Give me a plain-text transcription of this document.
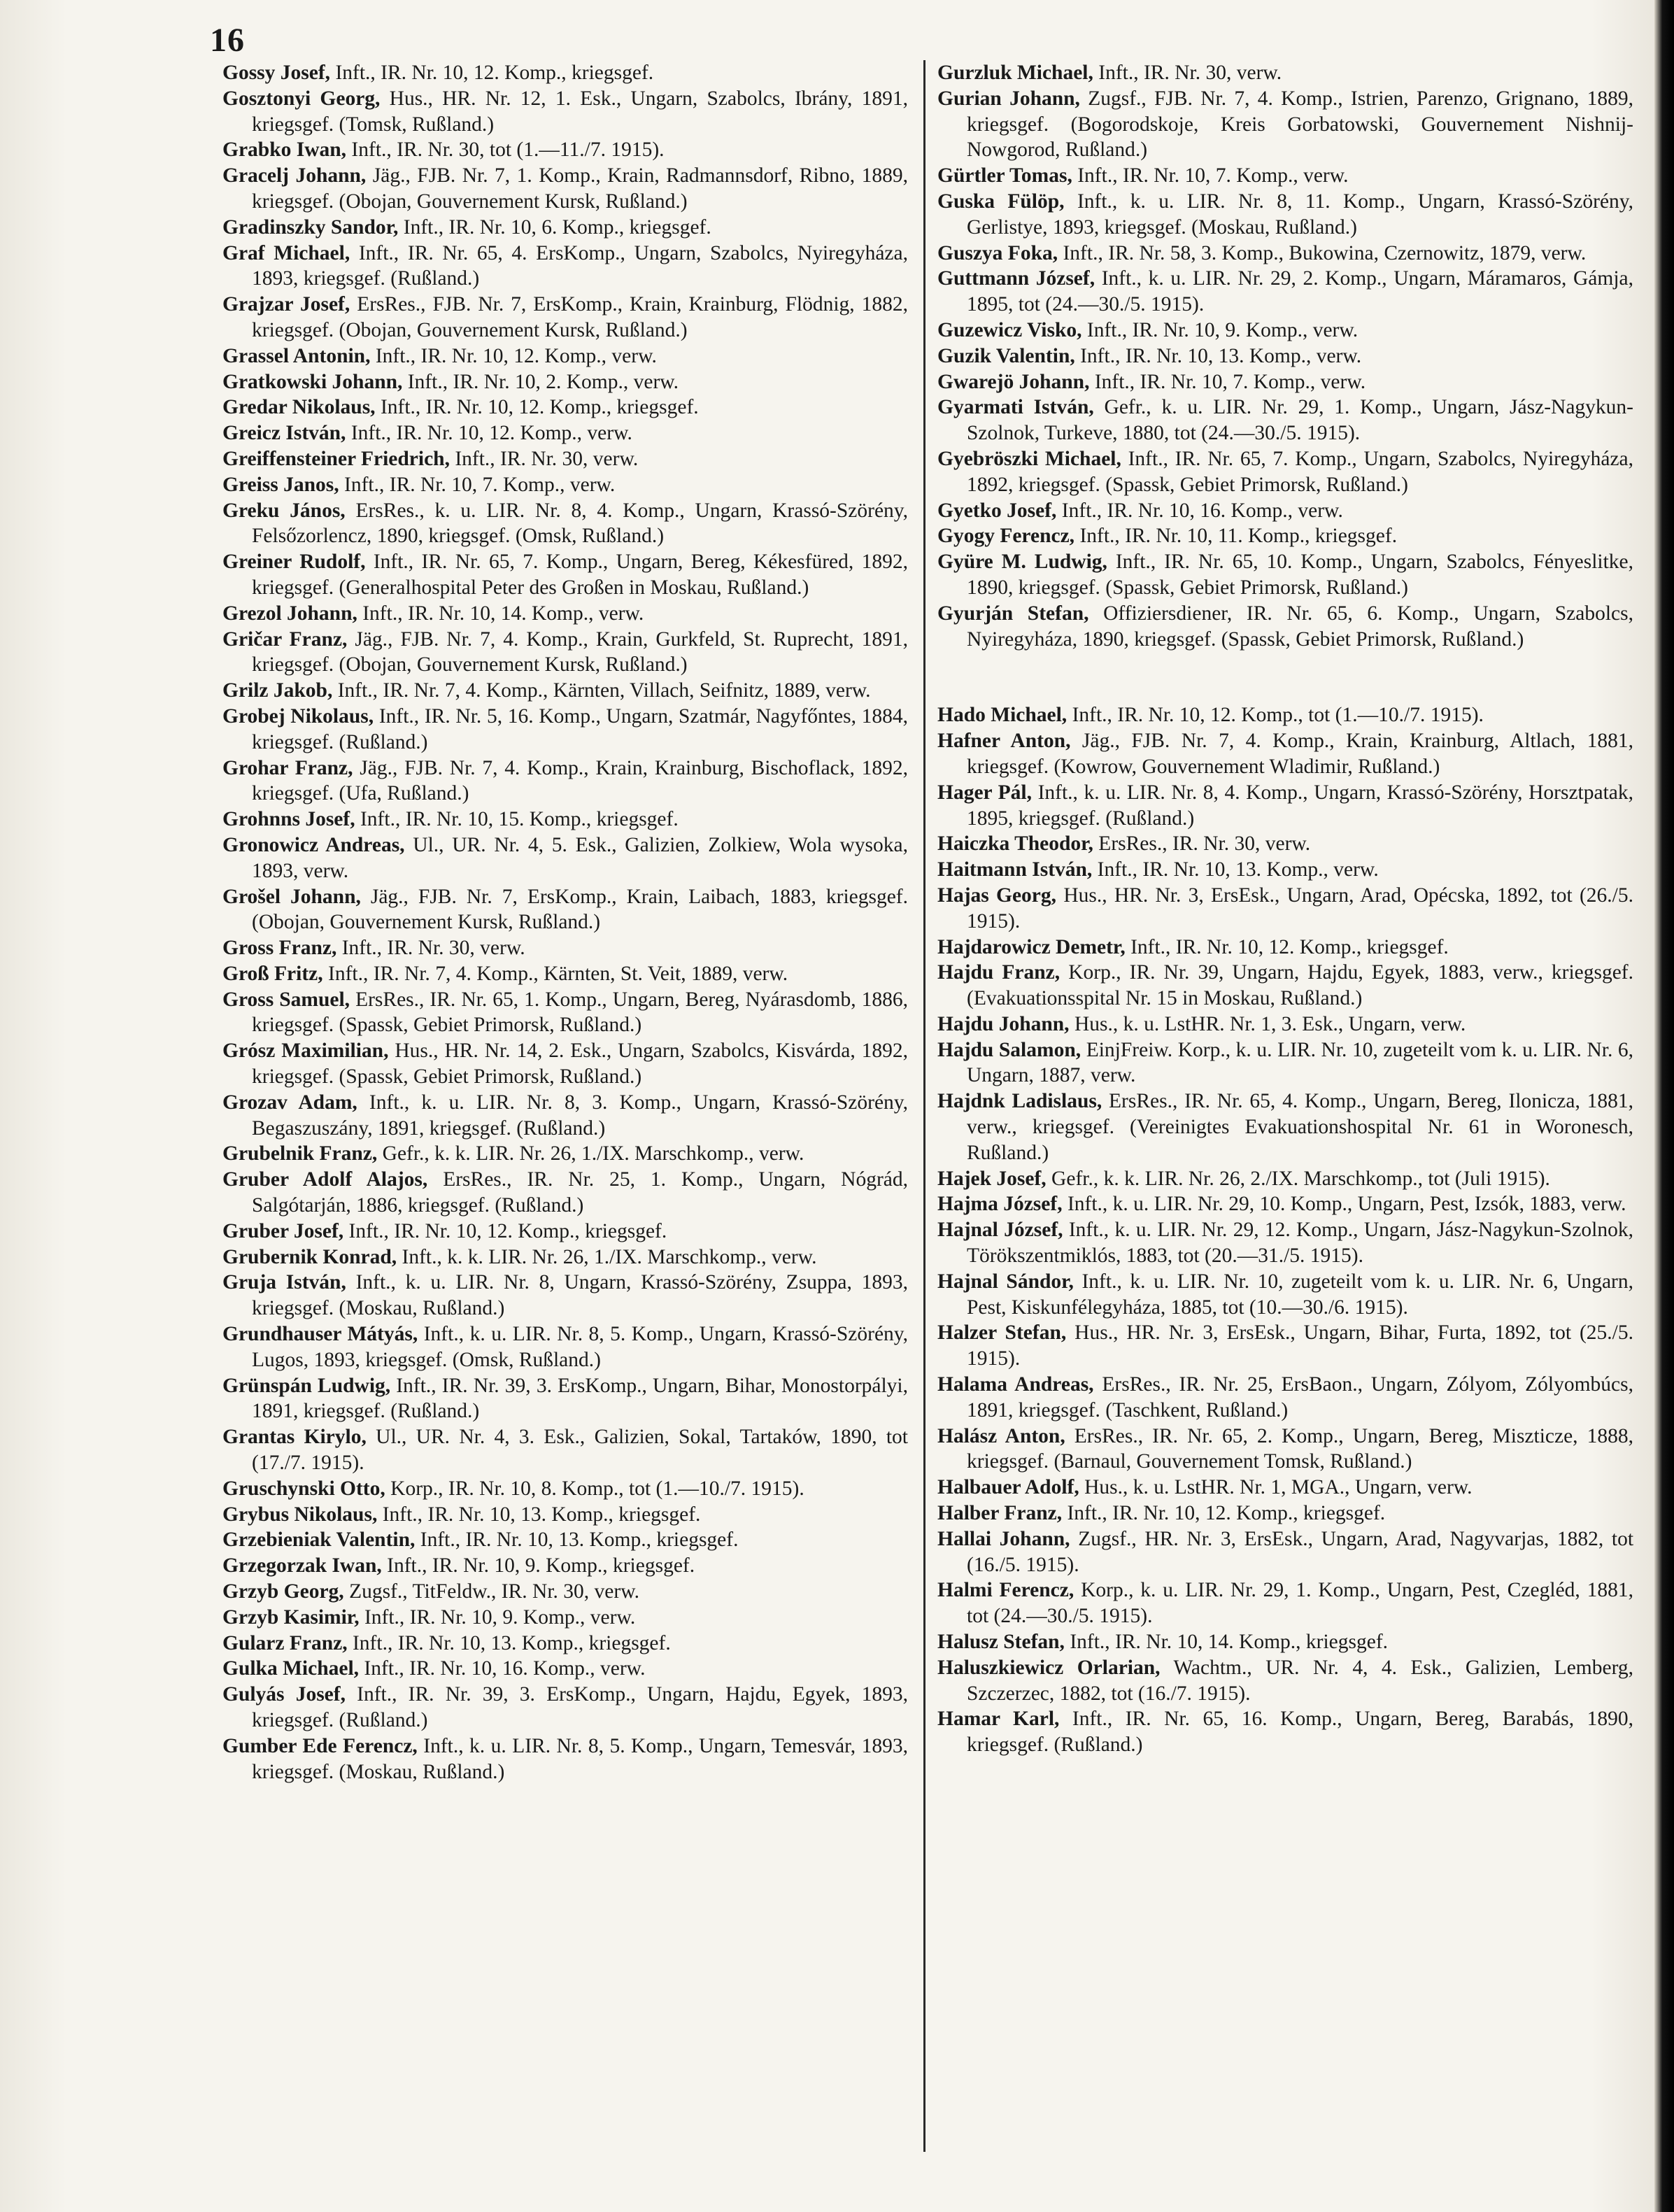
16

Gossy Josef, Inft., IR. Nr. 10, 12. Komp., kriegsgef.

Gosztonyi Georg, Hus., HR. Nr. 12, 1. Esk., Ungarn, Szabolcs, Ibrány, 1891, kriegsgef. (Tomsk, Rußland.)

Grabko Iwan, Inft., IR. Nr. 30, tot (1.—11./7. 1915).

Gracelj Johann, Jäg., FJB. Nr. 7, 1. Komp., Krain, Radmannsdorf, Ribno, 1889, kriegsgef. (Obojan, Gouvernement Kursk, Rußland.)

Gradinszky Sandor, Inft., IR. Nr. 10, 6. Komp., kriegsgef.

Graf Michael, Inft., IR. Nr. 65, 4. ErsKomp., Ungarn, Szabolcs, Nyiregyháza, 1893, kriegsgef. (Rußland.)

Grajzar Josef, ErsRes., FJB. Nr. 7, ErsKomp., Krain, Krainburg, Flödnig, 1882, kriegsgef. (Obojan, Gouvernement Kursk, Rußland.)

Grassel Antonin, Inft., IR. Nr. 10, 12. Komp., verw.

Gratkowski Johann, Inft., IR. Nr. 10, 2. Komp., verw.

Gredar Nikolaus, Inft., IR. Nr. 10, 12. Komp., kriegsgef.

Greicz István, Inft., IR. Nr. 10, 12. Komp., verw.

Greiffensteiner Friedrich, Inft., IR. Nr. 30, verw.

Greiss Janos, Inft., IR. Nr. 10, 7. Komp., verw.

Greku János, ErsRes., k. u. LIR. Nr. 8, 4. Komp., Ungarn, Krassó-Szörény, Felsőzorlencz, 1890, kriegsgef. (Omsk, Rußland.)

Greiner Rudolf, Inft., IR. Nr. 65, 7. Komp., Ungarn, Bereg, Kékesfüred, 1892, kriegsgef. (Generalhospital Peter des Großen in Moskau, Rußland.)

Grezol Johann, Inft., IR. Nr. 10, 14. Komp., verw.

Gričar Franz, Jäg., FJB. Nr. 7, 4. Komp., Krain, Gurkfeld, St. Ruprecht, 1891, kriegsgef. (Obojan, Gouvernement Kursk, Rußland.)

Grilz Jakob, Inft., IR. Nr. 7, 4. Komp., Kärnten, Villach, Seifnitz, 1889, verw.

Grobej Nikolaus, Inft., IR. Nr. 5, 16. Komp., Ungarn, Szatmár, Nagyfőntes, 1884, kriegsgef. (Rußland.)

Grohar Franz, Jäg., FJB. Nr. 7, 4. Komp., Krain, Krainburg, Bischoflack, 1892, kriegsgef. (Ufa, Rußland.)

Grohnns Josef, Inft., IR. Nr. 10, 15. Komp., kriegsgef.

Gronowicz Andreas, Ul., UR. Nr. 4, 5. Esk., Galizien, Zolkiew, Wola wysoka, 1893, verw.

Grošel Johann, Jäg., FJB. Nr. 7, ErsKomp., Krain, Laibach, 1883, kriegsgef. (Obojan, Gouvernement Kursk, Rußland.)

Gross Franz, Inft., IR. Nr. 30, verw.

Groß Fritz, Inft., IR. Nr. 7, 4. Komp., Kärnten, St. Veit, 1889, verw.

Gross Samuel, ErsRes., IR. Nr. 65, 1. Komp., Ungarn, Bereg, Nyárasdomb, 1886, kriegsgef. (Spassk, Gebiet Primorsk, Rußland.)

Grósz Maximilian, Hus., HR. Nr. 14, 2. Esk., Ungarn, Szabolcs, Kisvárda, 1892, kriegsgef. (Spassk, Gebiet Primorsk, Rußland.)

Grozav Adam, Inft., k. u. LIR. Nr. 8, 3. Komp., Ungarn, Krassó-Szörény, Begaszuszány, 1891, kriegsgef. (Rußland.)

Grubelnik Franz, Gefr., k. k. LIR. Nr. 26, 1./IX. Marschkomp., verw.

Gruber Adolf Alajos, ErsRes., IR. Nr. 25, 1. Komp., Ungarn, Nógrád, Salgótarján, 1886, kriegsgef. (Rußland.)

Gruber Josef, Inft., IR. Nr. 10, 12. Komp., kriegsgef.

Grubernik Konrad, Inft., k. k. LIR. Nr. 26, 1./IX. Marschkomp., verw.

Gruja István, Inft., k. u. LIR. Nr. 8, Ungarn, Krassó-Szörény, Zsuppa, 1893, kriegsgef. (Moskau, Rußland.)

Grundhauser Mátyás, Inft., k. u. LIR. Nr. 8, 5. Komp., Ungarn, Krassó-Szörény, Lugos, 1893, kriegsgef. (Omsk, Rußland.)

Grünspán Ludwig, Inft., IR. Nr. 39, 3. ErsKomp., Ungarn, Bihar, Monostorpályi, 1891, kriegsgef. (Rußland.)

Grantas Kirylo, Ul., UR. Nr. 4, 3. Esk., Galizien, Sokal, Tartaków, 1890, tot (17./7. 1915).

Gruschynski Otto, Korp., IR. Nr. 10, 8. Komp., tot (1.—10./7. 1915).

Grybus Nikolaus, Inft., IR. Nr. 10, 13. Komp., kriegsgef.

Grzebieniak Valentin, Inft., IR. Nr. 10, 13. Komp., kriegsgef.

Grzegorzak Iwan, Inft., IR. Nr. 10, 9. Komp., kriegsgef.

Grzyb Georg, Zugsf., TitFeldw., IR. Nr. 30, verw.

Grzyb Kasimir, Inft., IR. Nr. 10, 9. Komp., verw.

Gularz Franz, Inft., IR. Nr. 10, 13. Komp., kriegsgef.

Gulka Michael, Inft., IR. Nr. 10, 16. Komp., verw.

Gulyás Josef, Inft., IR. Nr. 39, 3. ErsKomp., Ungarn, Hajdu, Egyek, 1893, kriegsgef. (Rußland.)

Gumber Ede Ferencz, Inft., k. u. LIR. Nr. 8, 5. Komp., Ungarn, Temesvár, 1893, kriegsgef. (Moskau, Rußland.)

Gurzluk Michael, Inft., IR. Nr. 30, verw.

Gurian Johann, Zugsf., FJB. Nr. 7, 4. Komp., Istrien, Parenzo, Grignano, 1889, kriegsgef. (Bogorodskoje, Kreis Gorbatowski, Gouvernement Nishnij-Nowgorod, Rußland.)

Gürtler Tomas, Inft., IR. Nr. 10, 7. Komp., verw.

Guska Fülöp, Inft., k. u. LIR. Nr. 8, 11. Komp., Ungarn, Krassó-Szörény, Gerlistye, 1893, kriegsgef. (Moskau, Rußland.)

Guszya Foka, Inft., IR. Nr. 58, 3. Komp., Bukowina, Czernowitz, 1879, verw.

Guttmann József, Inft., k. u. LIR. Nr. 29, 2. Komp., Ungarn, Máramaros, Gámja, 1895, tot (24.—30./5. 1915).

Guzewicz Visko, Inft., IR. Nr. 10, 9. Komp., verw.

Guzik Valentin, Inft., IR. Nr. 10, 13. Komp., verw.

Gwarejö Johann, Inft., IR. Nr. 10, 7. Komp., verw.

Gyarmati István, Gefr., k. u. LIR. Nr. 29, 1. Komp., Ungarn, Jász-Nagykun-Szolnok, Turkeve, 1880, tot (24.—30./5. 1915).

Gyebröszki Michael, Inft., IR. Nr. 65, 7. Komp., Ungarn, Szabolcs, Nyiregyháza, 1892, kriegsgef. (Spassk, Gebiet Primorsk, Rußland.)

Gyetko Josef, Inft., IR. Nr. 10, 16. Komp., verw.

Gyogy Ferencz, Inft., IR. Nr. 10, 11. Komp., kriegsgef.

Gyüre M. Ludwig, Inft., IR. Nr. 65, 10. Komp., Ungarn, Szabolcs, Fényeslitke, 1890, kriegsgef. (Spassk, Gebiet Primorsk, Rußland.)

Gyurján Stefan, Offiziersdiener, IR. Nr. 65, 6. Komp., Ungarn, Szabolcs, Nyiregyháza, 1890, kriegsgef. (Spassk, Gebiet Primorsk, Rußland.)

Hado Michael, Inft., IR. Nr. 10, 12. Komp., tot (1.—10./7. 1915).

Hafner Anton, Jäg., FJB. Nr. 7, 4. Komp., Krain, Krainburg, Altlach, 1881, kriegsgef. (Kowrow, Gouvernement Wladimir, Rußland.)

Hager Pál, Inft., k. u. LIR. Nr. 8, 4. Komp., Ungarn, Krassó-Szörény, Horsztpatak, 1895, kriegsgef. (Rußland.)

Haiczka Theodor, ErsRes., IR. Nr. 30, verw.

Haitmann István, Inft., IR. Nr. 10, 13. Komp., verw.

Hajas Georg, Hus., HR. Nr. 3, ErsEsk., Ungarn, Arad, Opécska, 1892, tot (26./5. 1915).

Hajdarowicz Demetr, Inft., IR. Nr. 10, 12. Komp., kriegsgef.

Hajdu Franz, Korp., IR. Nr. 39, Ungarn, Hajdu, Egyek, 1883, verw., kriegsgef. (Evakuationsspital Nr. 15 in Moskau, Rußland.)

Hajdu Johann, Hus., k. u. LstHR. Nr. 1, 3. Esk., Ungarn, verw.

Hajdu Salamon, EinjFreiw. Korp., k. u. LIR. Nr. 10, zugeteilt vom k. u. LIR. Nr. 6, Ungarn, 1887, verw.

Hajdnk Ladislaus, ErsRes., IR. Nr. 65, 4. Komp., Ungarn, Bereg, Ilonicza, 1881, verw., kriegsgef. (Vereinigtes Evakuationshospital Nr. 61 in Woronesch, Rußland.)

Hajek Josef, Gefr., k. k. LIR. Nr. 26, 2./IX. Marschkomp., tot (Juli 1915).

Hajma József, Inft., k. u. LIR. Nr. 29, 10. Komp., Ungarn, Pest, Izsók, 1883, verw.

Hajnal József, Inft., k. u. LIR. Nr. 29, 12. Komp., Ungarn, Jász-Nagykun-Szolnok, Törökszentmiklós, 1883, tot (20.—31./5. 1915).

Hajnal Sándor, Inft., k. u. LIR. Nr. 10, zugeteilt vom k. u. LIR. Nr. 6, Ungarn, Pest, Kiskunfélegyháza, 1885, tot (10.—30./6. 1915).

Halzer Stefan, Hus., HR. Nr. 3, ErsEsk., Ungarn, Bihar, Furta, 1892, tot (25./5. 1915).

Halama Andreas, ErsRes., IR. Nr. 25, ErsBaon., Ungarn, Zólyom, Zólyombúcs, 1891, kriegsgef. (Taschkent, Rußland.)

Halász Anton, ErsRes., IR. Nr. 65, 2. Komp., Ungarn, Bereg, Miszticze, 1888, kriegsgef. (Barnaul, Gouvernement Tomsk, Rußland.)

Halbauer Adolf, Hus., k. u. LstHR. Nr. 1, MGA., Ungarn, verw.

Halber Franz, Inft., IR. Nr. 10, 12. Komp., kriegsgef.

Hallai Johann, Zugsf., HR. Nr. 3, ErsEsk., Ungarn, Arad, Nagyvarjas, 1882, tot (16./5. 1915).

Halmi Ferencz, Korp., k. u. LIR. Nr. 29, 1. Komp., Ungarn, Pest, Czegléd, 1881, tot (24.—30./5. 1915).

Halusz Stefan, Inft., IR. Nr. 10, 14. Komp., kriegsgef.

Haluszkiewicz Orlarian, Wachtm., UR. Nr. 4, 4. Esk., Galizien, Lemberg, Szczerzec, 1882, tot (16./7. 1915).

Hamar Karl, Inft., IR. Nr. 65, 16. Komp., Ungarn, Bereg, Barabás, 1890, kriegsgef. (Rußland.)
